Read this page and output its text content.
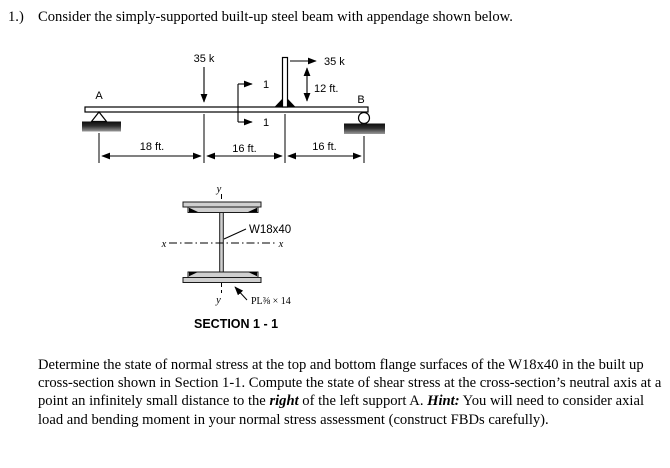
1.) Consider the simply-supported built-up steel beam with appendage shown below.
A	B
35 k
1
1
35 k
12 ft.
18 ft.	16 ft.	16 ft.
y
y
x	x
W18x40
PL⅜ × 14
SECTION 1 - 1
Determine the state of normal stress at the top and bottom flange surfaces of the W18x40 in the built up cross-section shown in Section 1-1. Compute the state of shear stress at the cross-section’s neutral axis at a point an infinitely small distance to the right of the left support A. Hint: You will need to consider axial load and bending moment in your normal stress assessment (construct FBDs carefully).
